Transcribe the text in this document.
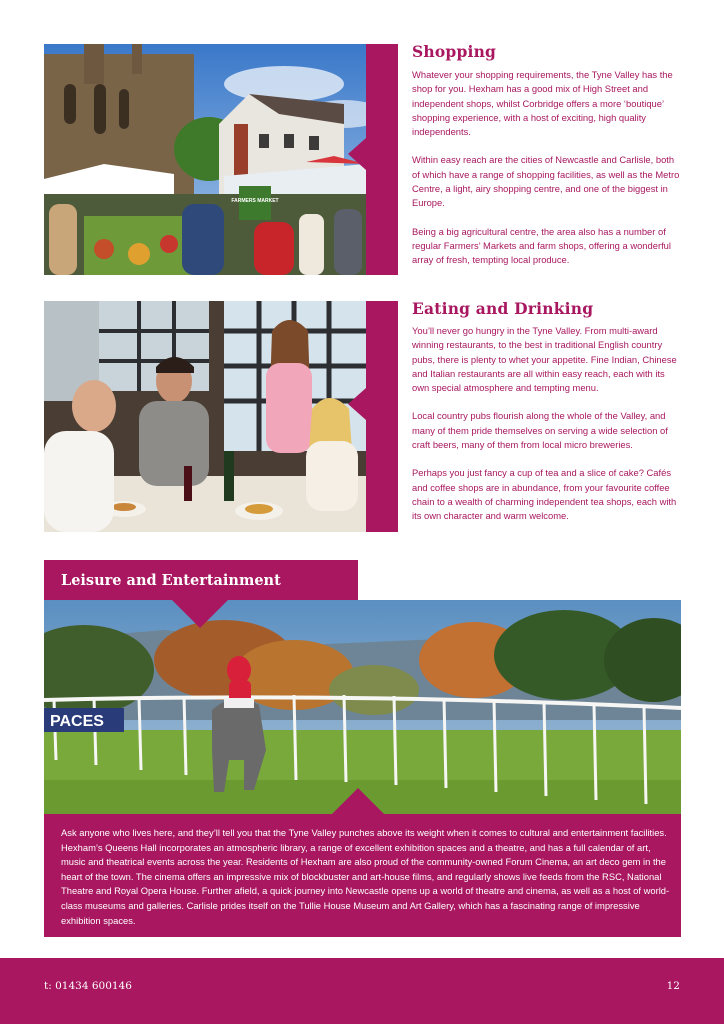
FARMERS MARKET
Shopping

Whatever your shopping requirements, the Tyne Valley has the shop for you. Hexham has a good mix of High Street and independent shops, whilst Corbridge offers a more ‘boutique’ shopping experience, with a host of exciting, high quality independents.

Within easy reach are the cities of Newcastle and Carlisle, both of which have a range of shopping facilities, as well as the Metro Centre, a light, airy shopping centre, and one of the biggest in Europe.

Being a big agricultural centre, the area also has a number of regular Farmers’ Markets and farm shops, offering a wonderful array of fresh, tempting local produce.

Eating and Drinking

You’ll never go hungry in the Tyne Valley. From multi-award winning restaurants, to the best in traditional English country pubs, there is plenty to whet your appetite. Fine Indian, Chinese and Italian restaurants are all within easy reach, each with its own special atmosphere and tempting menu.

Local country pubs flourish along the whole of the Valley, and many of them pride themselves on serving a wide selection of craft beers, many of them from local micro breweries.

Perhaps you just fancy a cup of tea and a slice of cake? Cafés and coffee shops are in abundance, from your favourite coffee chain to a wealth of charming independent tea shops, each with its own character and warm welcome.

Leisure and Entertainment
PACES

Ask anyone who lives here, and they’ll tell you that the Tyne Valley punches above its weight when it comes to cultural and entertainment facilities. Hexham’s Queens Hall incorporates an atmospheric library, a range of excellent exhibition spaces and a theatre, and has a full calendar of art, music and theatrical events across the year. Residents of Hexham are also proud of the community-owned Forum Cinema, an art deco gem in the heart of the town. The cinema offers an impressive mix of blockbuster and art-house films, and regularly shows live feeds from the RSC, National Theatre and Royal Opera House. Further afield, a quick journey into Newcastle opens up a world of theatre and cinema, as well as a host of world-class museums and galleries. Carlisle prides itself on the Tullie House Museum and Art Gallery, which has a fascinating range of impressive exhibition spaces.

t: 01434 600146	12
